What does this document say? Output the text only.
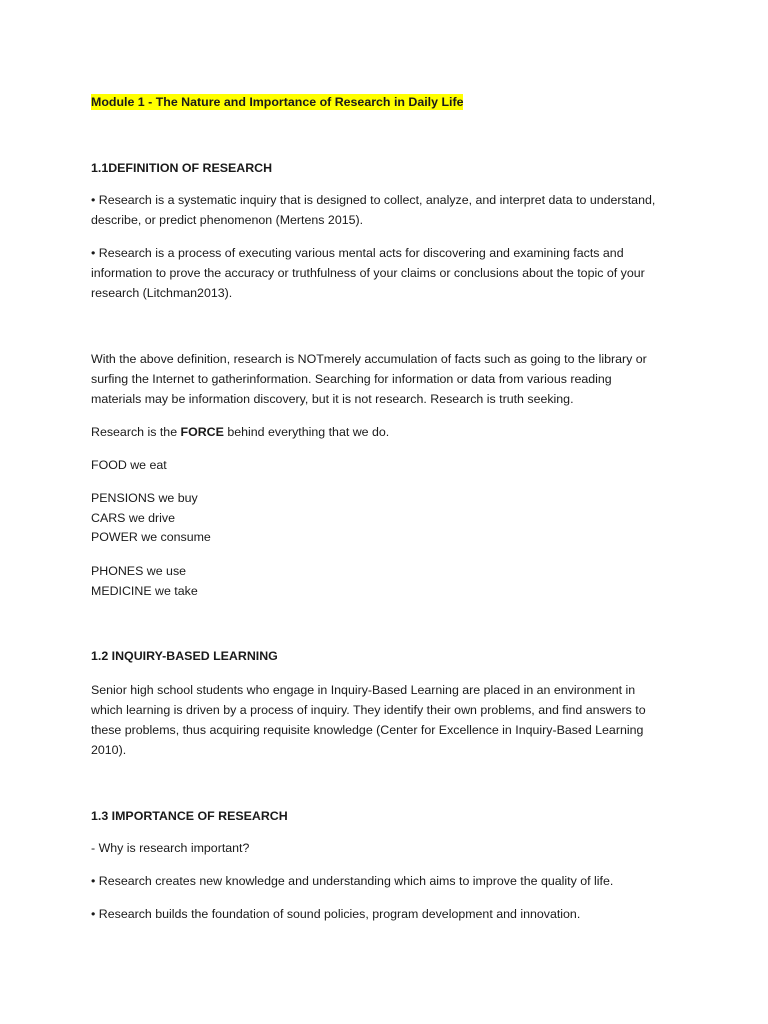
Module 1 - The Nature and Importance of Research in Daily Life
1.1DEFINITION OF RESEARCH
• Research is a systematic inquiry that is designed to collect, analyze, and interpret data to understand,
describe, or predict phenomenon (Mertens 2015).
• Research is a process of executing various mental acts for discovering and examining facts and
information to prove the accuracy or truthfulness of your claims or conclusions about the topic of your
research (Litchman2013).
With the above definition, research is NOTmerely accumulation of facts such as going to the library or
surfing the Internet to gatherinformation. Searching for information or data from various reading
materials may be information discovery, but it is not research. Research is truth seeking.
Research is the FORCE behind everything that we do.
FOOD we eat
PENSIONS we buy
CARS we drive
POWER we consume
PHONES we use
MEDICINE we take
1.2 INQUIRY-BASED LEARNING
Senior high school students who engage in Inquiry-Based Learning are placed in an environment in
which learning is driven by a process of inquiry. They identify their own problems, and find answers to
these problems, thus acquiring requisite knowledge (Center for Excellence in Inquiry-Based Learning
2010).
1.3 IMPORTANCE OF RESEARCH
- Why is research important?
• Research creates new knowledge and understanding which aims to improve the quality of life.
• Research builds the foundation of sound policies, program development and innovation.
